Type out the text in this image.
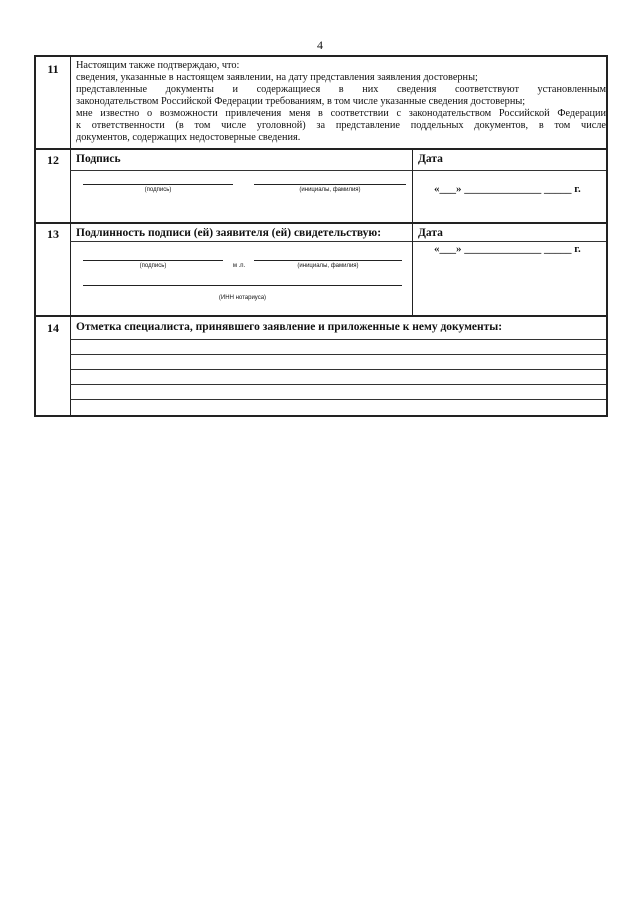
4
11	Настоящим также подтверждаю, что:

сведения, указанные в настоящем заявлении, на дату представления заявления достоверны;

представленные документы и содержащиеся в них сведения соответствуют установленным

законодательством Российской Федерации требованиям, в том числе указанные сведения достоверны;

мне известно о возможности привлечения меня в соответствии с законодательством Российской Федерации

к ответственности (в том числе уголовной) за представление поддельных документов, в том числе

документов, содержащих недостоверные сведения.

12	Подпись	Дата
(подпись)	(инициалы, фамилия)	«___» ______________ _____ г.
13	Подлинность подписи (ей) заявителя (ей) свидетельствую:	Дата
(подпись)	м .п.	(инициалы, фамилия)
(ИНН нотариуса)
«___» ______________ _____ г.
14	Отметка специалиста, принявшего заявление и приложенные к нему документы:
